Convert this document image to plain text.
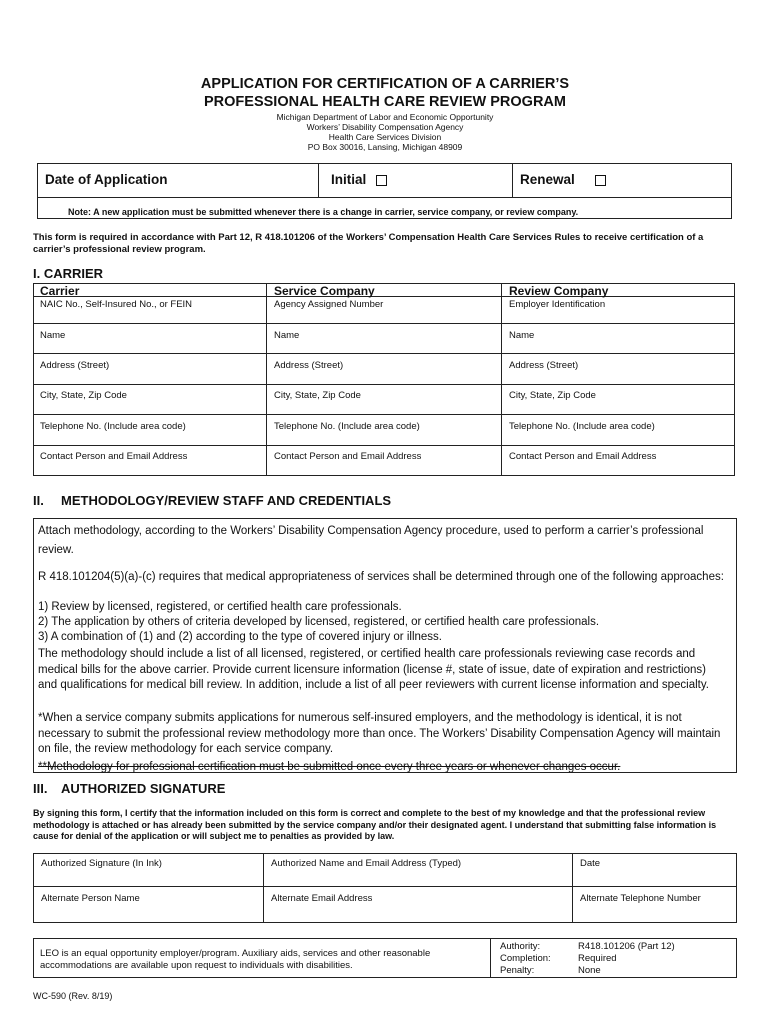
APPLICATION FOR CERTIFICATION OF A CARRIER’S
PROFESSIONAL HEALTH CARE REVIEW PROGRAM
Michigan Department of Labor and Economic Opportunity
Workers’ Disability Compensation Agency
Health Care Services Division
PO Box 30016, Lansing, Michigan 48909
Date of Application	Initial	Renewal
Note: A new application must be submitted whenever there is a change in carrier, service company, or review company.
This form is required in accordance with Part 12, R 418.101206 of the Workers’ Compensation Health Care Services Rules to receive certification of a carrier’s professional review program.
I. CARRIER
Carrier	Service Company	Review Company
NAIC No., Self-Insured No., or FEIN	Agency Assigned Number	Employer Identification
Name	Name	Name
Address (Street)	Address (Street)	Address (Street)
City, State, Zip Code	City, State, Zip Code	City, State, Zip Code
Telephone No. (Include area code)	Telephone No. (Include area code)	Telephone No. (Include area code)
Contact Person and Email Address	Contact Person and Email Address	Contact Person and Email Address
II. METHODOLOGY/REVIEW STAFF AND CREDENTIALS
Attach methodology, according to the Workers’ Disability Compensation Agency procedure, used to perform a carrier’s professional review.
R 418.101204(5)(a)-(c) requires that medical appropriateness of services shall be determined through one of the following approaches:
1) Review by licensed, registered, or certified health care professionals.
2) The application by others of criteria developed by licensed, registered, or certified health care professionals.
3) A combination of (1) and (2) according to the type of covered injury or illness.
The methodology should include a list of all licensed, registered, or certified health care professionals reviewing case records and medical bills for the above carrier. Provide current licensure information (license #, state of issue, date of expiration and restrictions) and qualifications for medical bill review. In addition, include a list of all peer reviewers with current license information and specialty.
*When a service company submits applications for numerous self-insured employers, and the methodology is identical, it is not necessary to submit the professional review methodology more than once. The Workers’ Disability Compensation Agency will maintain on file, the review methodology for each service company.
**Methodology for professional certification must be submitted once every three years or whenever changes occur.
III. AUTHORIZED SIGNATURE
By signing this form, I certify that the information included on this form is correct and complete to the best of my knowledge and that the professional review methodology is attached or has already been submitted by the service company and/or their designated agent. I understand that submitting false information is cause for denial of the application or will subject me to penalties as provided by law.
Authorized Signature (In Ink)	Authorized Name and Email Address (Typed)	Date
Alternate Person Name	Alternate Email Address	Alternate Telephone Number
LEO is an equal opportunity employer/program. Auxiliary aids, services and other reasonable accommodations are available upon request to individuals with disabilities.
Authority:	R418.101206 (Part 12)
Completion:	Required
Penalty:	None
WC-590 (Rev. 8/19)
